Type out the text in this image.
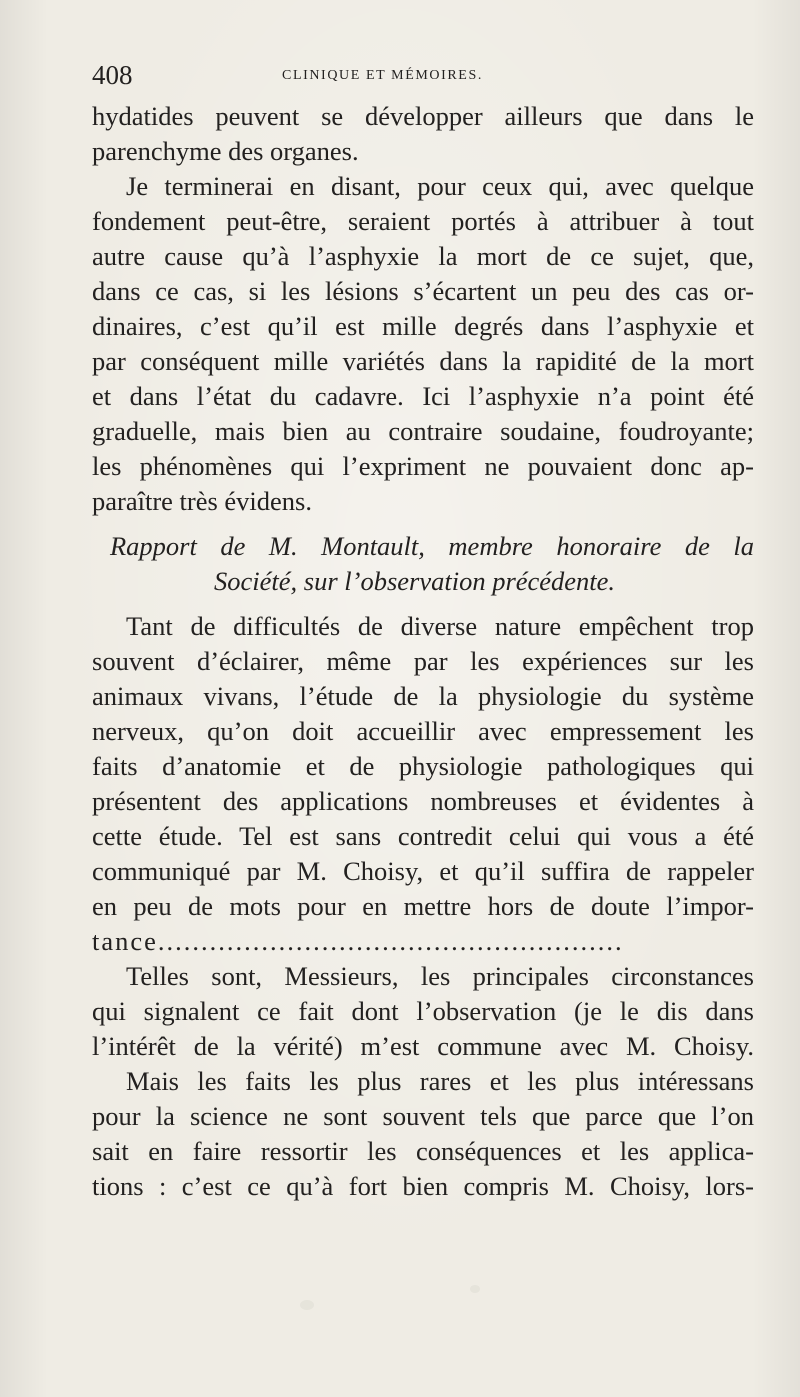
408	CLINIQUE ET MÉMOIRES.
hydatides peuvent se développer ailleurs que dans le
parenchyme des organes.
Je terminerai en disant, pour ceux qui, avec quelque
fondement peut-être, seraient portés à attribuer à tout
autre cause qu’à l’asphyxie la mort de ce sujet, que,
dans ce cas, si les lésions s’écartent un peu des cas or-
dinaires, c’est qu’il est mille degrés dans l’asphyxie et
par conséquent mille variétés dans la rapidité de la mort
et dans l’état du cadavre. Ici l’asphyxie n’a point été
graduelle, mais bien au contraire soudaine, foudroyante;
les phénomènes qui l’expriment ne pouvaient donc ap-
paraître très évidens.
Rapport de M. Montault, membre honoraire de la
Société, sur l’observation précédente.
Tant de difficultés de diverse nature empêchent trop
souvent d’éclairer, même par les expériences sur les
animaux vivans, l’étude de la physiologie du système
nerveux, qu’on doit accueillir avec empressement les
faits d’anatomie et de physiologie pathologiques qui
présentent des applications nombreuses et évidentes à
cette étude. Tel est sans contredit celui qui vous a été
communiqué par M. Choisy, et qu’il suffira de rappeler
en peu de mots pour en mettre hors de doute l’impor-
tance......................................................
Telles sont, Messieurs, les principales circonstances
qui signalent ce fait dont l’observation (je le dis dans
l’intérêt de la vérité) m’est commune avec M. Choisy.
Mais les faits les plus rares et les plus intéressans
pour la science ne sont souvent tels que parce que l’on
sait en faire ressortir les conséquences et les applica-
tions : c’est ce qu’à fort bien compris M. Choisy, lors-
